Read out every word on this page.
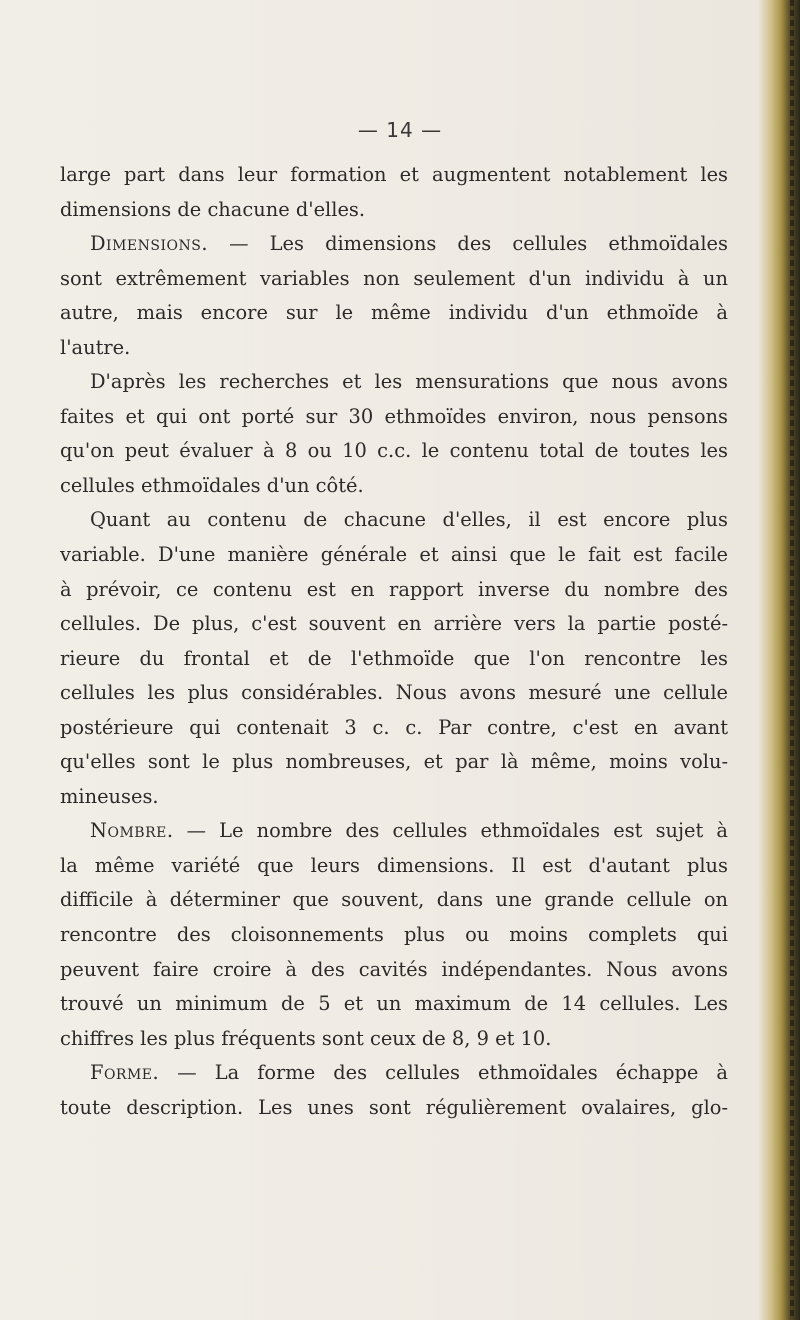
— 14 —
large part dans leur formation et augmentent notablement les
dimensions de chacune d'elles.
Dimensions. — Les dimensions des cellules ethmoïdales
sont extrêmement variables non seulement d'un individu à un
autre, mais encore sur le même individu d'un ethmoïde à
l'autre.
D'après les recherches et les mensurations que nous avons
faites et qui ont porté sur 30 ethmoïdes environ, nous pensons
qu'on peut évaluer à 8 ou 10 c.c. le contenu total de toutes les
cellules ethmoïdales d'un côté.
Quant au contenu de chacune d'elles, il est encore plus
variable. D'une manière générale et ainsi que le fait est facile
à prévoir, ce contenu est en rapport inverse du nombre des
cellules. De plus, c'est souvent en arrière vers la partie posté-
rieure du frontal et de l'ethmoïde que l'on rencontre les
cellules les plus considérables. Nous avons mesuré une cellule
postérieure qui contenait 3 c. c. Par contre, c'est en avant
qu'elles sont le plus nombreuses, et par là même, moins volu-
mineuses.
Nombre. — Le nombre des cellules ethmoïdales est sujet à
la même variété que leurs dimensions. Il est d'autant plus
difficile à déterminer que souvent, dans une grande cellule on
rencontre des cloisonnements plus ou moins complets qui
peuvent faire croire à des cavités indépendantes. Nous avons
trouvé un minimum de 5 et un maximum de 14 cellules. Les
chiffres les plus fréquents sont ceux de 8, 9 et 10.
Forme. — La forme des cellules ethmoïdales échappe à
toute description. Les unes sont régulièrement ovalaires, glo-
